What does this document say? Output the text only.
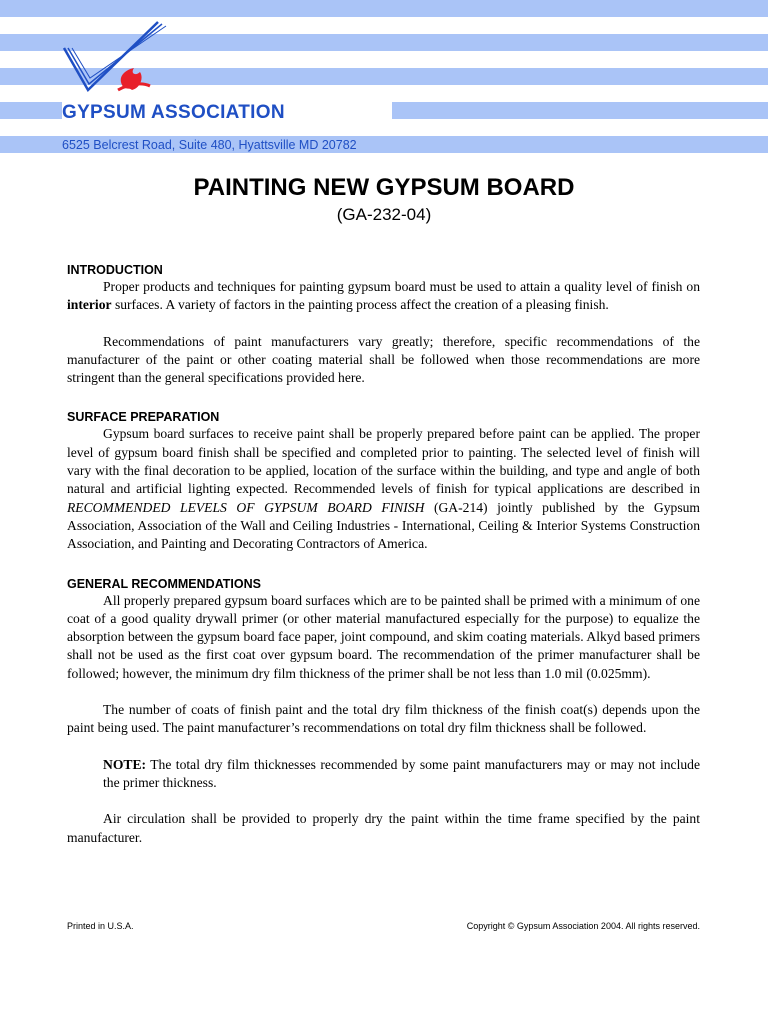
GYPSUM ASSOCIATION
6525 Belcrest Road, Suite 480, Hyattsville MD 20782
PAINTING NEW GYPSUM BOARD
(GA-232-04)
INTRODUCTION

Proper products and techniques for painting gypsum board must be used to attain a quality level of finish on interior surfaces. A variety of factors in the painting process affect the creation of a pleasing finish.

Recommendations of paint manufacturers vary greatly; therefore, specific recommendations of the manufacturer of the paint or other coating material shall be followed when those recommendations are more stringent than the general specifications provided here.

SURFACE PREPARATION

Gypsum board surfaces to receive paint shall be properly prepared before paint can be applied. The proper level of gypsum board finish shall be specified and completed prior to painting. The selected level of finish will vary with the final decoration to be applied, location of the surface within the building, and type and angle of both natural and artificial lighting expected. Recommended levels of finish for typical applications are described in RECOMMENDED LEVELS OF GYPSUM BOARD FINISH (GA-214) jointly published by the Gypsum Association, Association of the Wall and Ceiling Industries - International, Ceiling & Interior Systems Construction Association, and Painting and Decorating Contractors of America.

GENERAL RECOMMENDATIONS

All properly prepared gypsum board surfaces which are to be painted shall be primed with a minimum of one coat of a good quality drywall primer (or other material manufactured especially for the purpose) to equalize the absorption between the gypsum board face paper, joint compound, and skim coating materials. Alkyd based primers shall not be used as the first coat over gypsum board. The recommendation of the primer manufacturer shall be followed; however, the minimum dry film thickness of the primer shall be not less than 1.0 mil (0.025mm).

The number of coats of finish paint and the total dry film thickness of the finish coat(s) depends upon the paint being used. The paint manufacturer’s recommendations on total dry film thickness shall be followed.

NOTE: The total dry film thicknesses recommended by some paint manufacturers may or may not include the primer thickness.

Air circulation shall be provided to properly dry the paint within the time frame specified by the paint manufacturer.

Printed in U.S.A.	Copyright © Gypsum Association 2004. All rights reserved.
